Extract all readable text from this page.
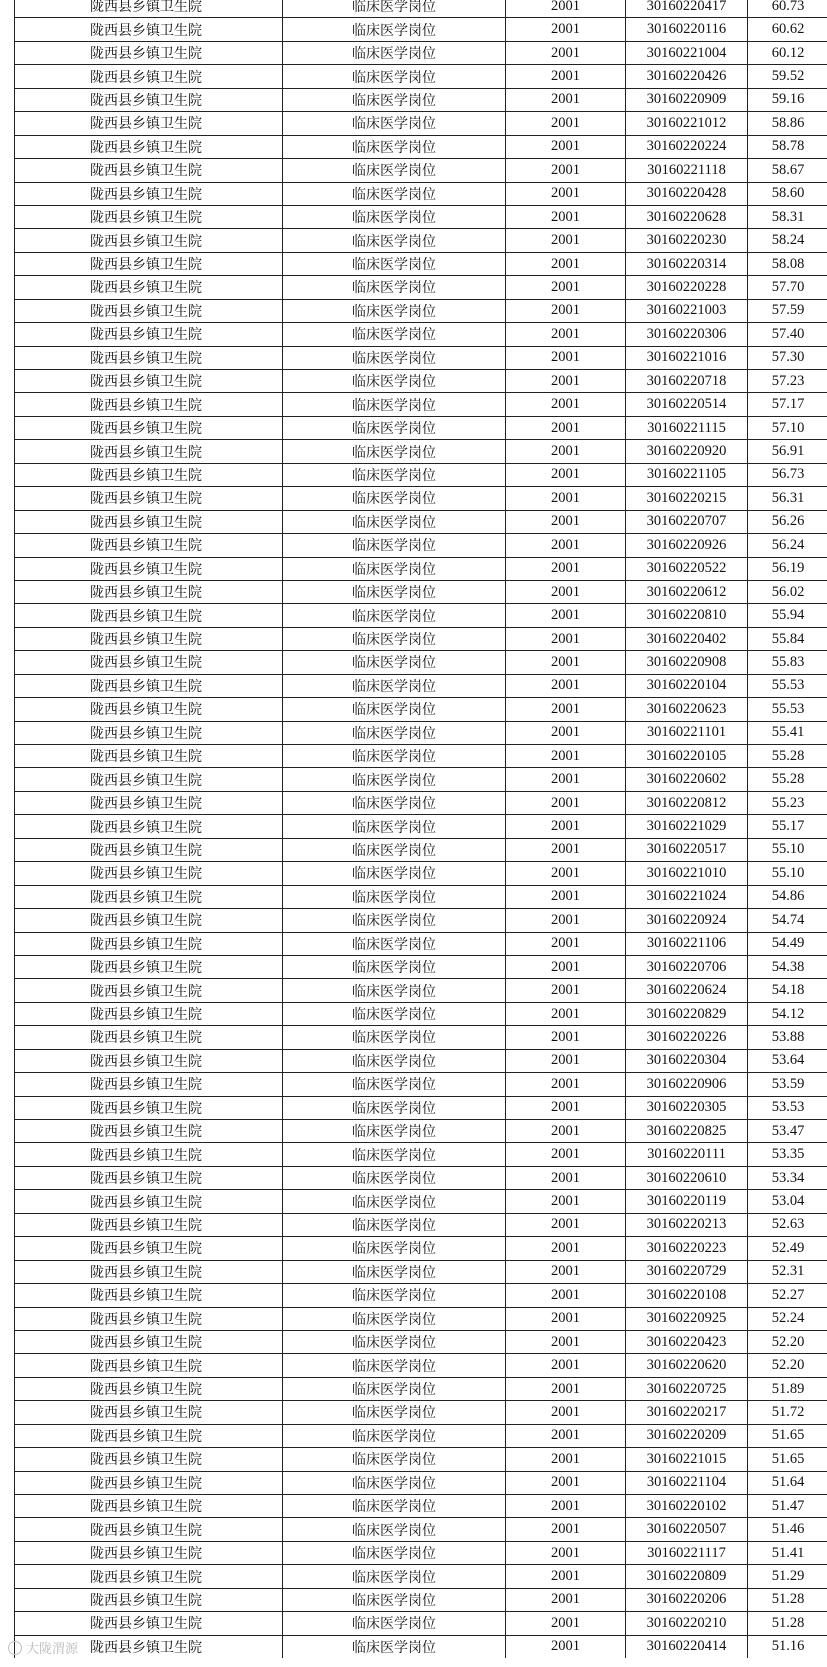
陇西县乡镇卫生院	临床医学岗位	2001	30160220417	60.73
陇西县乡镇卫生院	临床医学岗位	2001	30160220116	60.62
陇西县乡镇卫生院	临床医学岗位	2001	30160221004	60.12
陇西县乡镇卫生院	临床医学岗位	2001	30160220426	59.52
陇西县乡镇卫生院	临床医学岗位	2001	30160220909	59.16
陇西县乡镇卫生院	临床医学岗位	2001	30160221012	58.86
陇西县乡镇卫生院	临床医学岗位	2001	30160220224	58.78
陇西县乡镇卫生院	临床医学岗位	2001	30160221118	58.67
陇西县乡镇卫生院	临床医学岗位	2001	30160220428	58.60
陇西县乡镇卫生院	临床医学岗位	2001	30160220628	58.31
陇西县乡镇卫生院	临床医学岗位	2001	30160220230	58.24
陇西县乡镇卫生院	临床医学岗位	2001	30160220314	58.08
陇西县乡镇卫生院	临床医学岗位	2001	30160220228	57.70
陇西县乡镇卫生院	临床医学岗位	2001	30160221003	57.59
陇西县乡镇卫生院	临床医学岗位	2001	30160220306	57.40
陇西县乡镇卫生院	临床医学岗位	2001	30160221016	57.30
陇西县乡镇卫生院	临床医学岗位	2001	30160220718	57.23
陇西县乡镇卫生院	临床医学岗位	2001	30160220514	57.17
陇西县乡镇卫生院	临床医学岗位	2001	30160221115	57.10
陇西县乡镇卫生院	临床医学岗位	2001	30160220920	56.91
陇西县乡镇卫生院	临床医学岗位	2001	30160221105	56.73
陇西县乡镇卫生院	临床医学岗位	2001	30160220215	56.31
陇西县乡镇卫生院	临床医学岗位	2001	30160220707	56.26
陇西县乡镇卫生院	临床医学岗位	2001	30160220926	56.24
陇西县乡镇卫生院	临床医学岗位	2001	30160220522	56.19
陇西县乡镇卫生院	临床医学岗位	2001	30160220612	56.02
陇西县乡镇卫生院	临床医学岗位	2001	30160220810	55.94
陇西县乡镇卫生院	临床医学岗位	2001	30160220402	55.84
陇西县乡镇卫生院	临床医学岗位	2001	30160220908	55.83
陇西县乡镇卫生院	临床医学岗位	2001	30160220104	55.53
陇西县乡镇卫生院	临床医学岗位	2001	30160220623	55.53
陇西县乡镇卫生院	临床医学岗位	2001	30160221101	55.41
陇西县乡镇卫生院	临床医学岗位	2001	30160220105	55.28
陇西县乡镇卫生院	临床医学岗位	2001	30160220602	55.28
陇西县乡镇卫生院	临床医学岗位	2001	30160220812	55.23
陇西县乡镇卫生院	临床医学岗位	2001	30160221029	55.17
陇西县乡镇卫生院	临床医学岗位	2001	30160220517	55.10
陇西县乡镇卫生院	临床医学岗位	2001	30160221010	55.10
陇西县乡镇卫生院	临床医学岗位	2001	30160221024	54.86
陇西县乡镇卫生院	临床医学岗位	2001	30160220924	54.74
陇西县乡镇卫生院	临床医学岗位	2001	30160221106	54.49
陇西县乡镇卫生院	临床医学岗位	2001	30160220706	54.38
陇西县乡镇卫生院	临床医学岗位	2001	30160220624	54.18
陇西县乡镇卫生院	临床医学岗位	2001	30160220829	54.12
陇西县乡镇卫生院	临床医学岗位	2001	30160220226	53.88
陇西县乡镇卫生院	临床医学岗位	2001	30160220304	53.64
陇西县乡镇卫生院	临床医学岗位	2001	30160220906	53.59
陇西县乡镇卫生院	临床医学岗位	2001	30160220305	53.53
陇西县乡镇卫生院	临床医学岗位	2001	30160220825	53.47
陇西县乡镇卫生院	临床医学岗位	2001	30160220111	53.35
陇西县乡镇卫生院	临床医学岗位	2001	30160220610	53.34
陇西县乡镇卫生院	临床医学岗位	2001	30160220119	53.04
陇西县乡镇卫生院	临床医学岗位	2001	30160220213	52.63
陇西县乡镇卫生院	临床医学岗位	2001	30160220223	52.49
陇西县乡镇卫生院	临床医学岗位	2001	30160220729	52.31
陇西县乡镇卫生院	临床医学岗位	2001	30160220108	52.27
陇西县乡镇卫生院	临床医学岗位	2001	30160220925	52.24
陇西县乡镇卫生院	临床医学岗位	2001	30160220423	52.20
陇西县乡镇卫生院	临床医学岗位	2001	30160220620	52.20
陇西县乡镇卫生院	临床医学岗位	2001	30160220725	51.89
陇西县乡镇卫生院	临床医学岗位	2001	30160220217	51.72
陇西县乡镇卫生院	临床医学岗位	2001	30160220209	51.65
陇西县乡镇卫生院	临床医学岗位	2001	30160221015	51.65
陇西县乡镇卫生院	临床医学岗位	2001	30160221104	51.64
陇西县乡镇卫生院	临床医学岗位	2001	30160220102	51.47
陇西县乡镇卫生院	临床医学岗位	2001	30160220507	51.46
陇西县乡镇卫生院	临床医学岗位	2001	30160221117	51.41
陇西县乡镇卫生院	临床医学岗位	2001	30160220809	51.29
陇西县乡镇卫生院	临床医学岗位	2001	30160220206	51.28
陇西县乡镇卫生院	临床医学岗位	2001	30160220210	51.28
陇西县乡镇卫生院	临床医学岗位	2001	30160220414	51.16
大陇渭源
